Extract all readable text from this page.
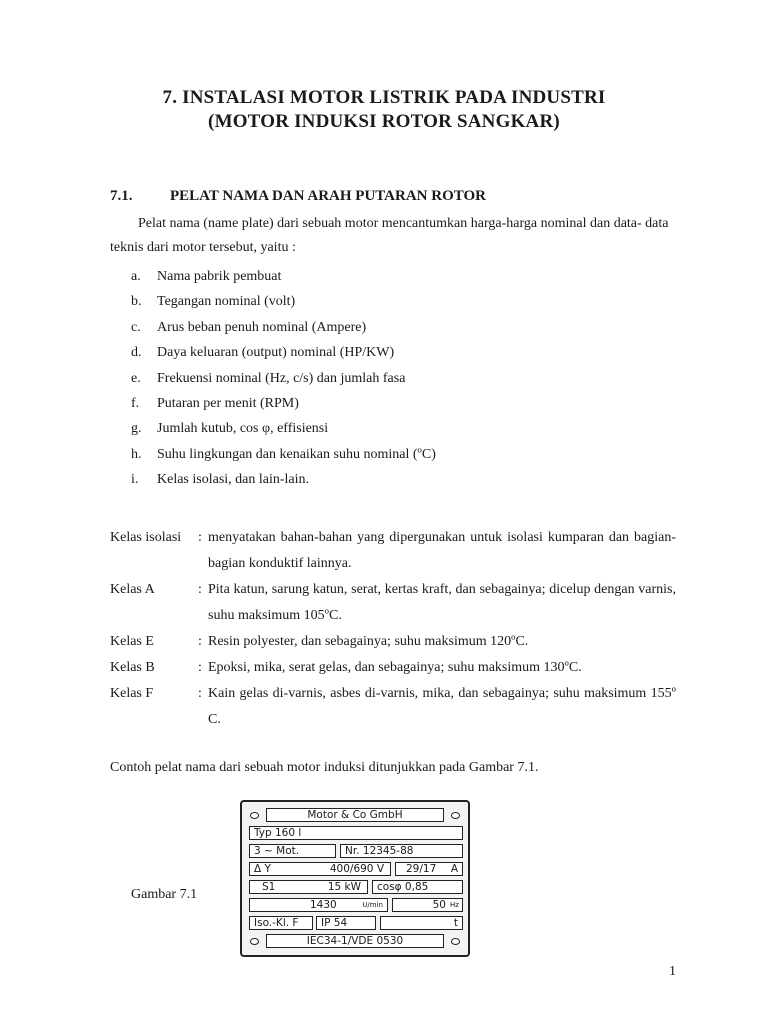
7. INSTALASI MOTOR LISTRIK PADA INDUSTRI
(MOTOR INDUKSI ROTOR SANGKAR)
7.1.	PELAT NAMA DAN ARAH PUTARAN ROTOR
Pelat nama (name plate) dari sebuah motor mencantumkan harga-harga nominal dan data- data teknis dari motor tersebut, yaitu :
a.	Nama pabrik pembuat
b.	Tegangan nominal (volt)
c.	Arus beban penuh nominal (Ampere)
d.	Daya keluaran (output) nominal (HP/KW)
e.	Frekuensi nominal (Hz, c/s) dan jumlah fasa
f.	Putaran per menit (RPM)
g.	Jumlah kutub, cos φ, effisiensi
h.	Suhu lingkungan dan kenaikan suhu nominal (ºC)
i.	Kelas isolasi, dan lain-lain.
Kelas isolasi	: menyatakan bahan-bahan yang dipergunakan untuk isolasi kumparan dan bagian-bagian konduktif lainnya.
Kelas A	: Pita katun, sarung katun, serat, kertas kraft, dan sebagainya; dicelup dengan varnis, suhu maksimum 105ºC.
Kelas E	: Resin polyester, dan sebagainya; suhu maksimum 120ºC.
Kelas B	: Epoksi, mika, serat gelas, dan sebagainya; suhu maksimum 130ºC.
Kelas F	: Kain gelas di-varnis, asbes di-varnis, mika, dan sebagainya; suhu maksimum 155º C.
Contoh pelat nama dari sebuah motor induksi ditunjukkan pada Gambar 7.1.
Gambar 7.1
Motor & Co GmbH
Typ 160 l
3 ~ Mot.	Nr. 12345-88
Δ Y	400/690 V	29/17 A
S1	15 kW	cosφ 0,85
1430	U/min	50 Hz
Iso.-Kl. F	IP 54	t
IEC34-1/VDE 0530
1
